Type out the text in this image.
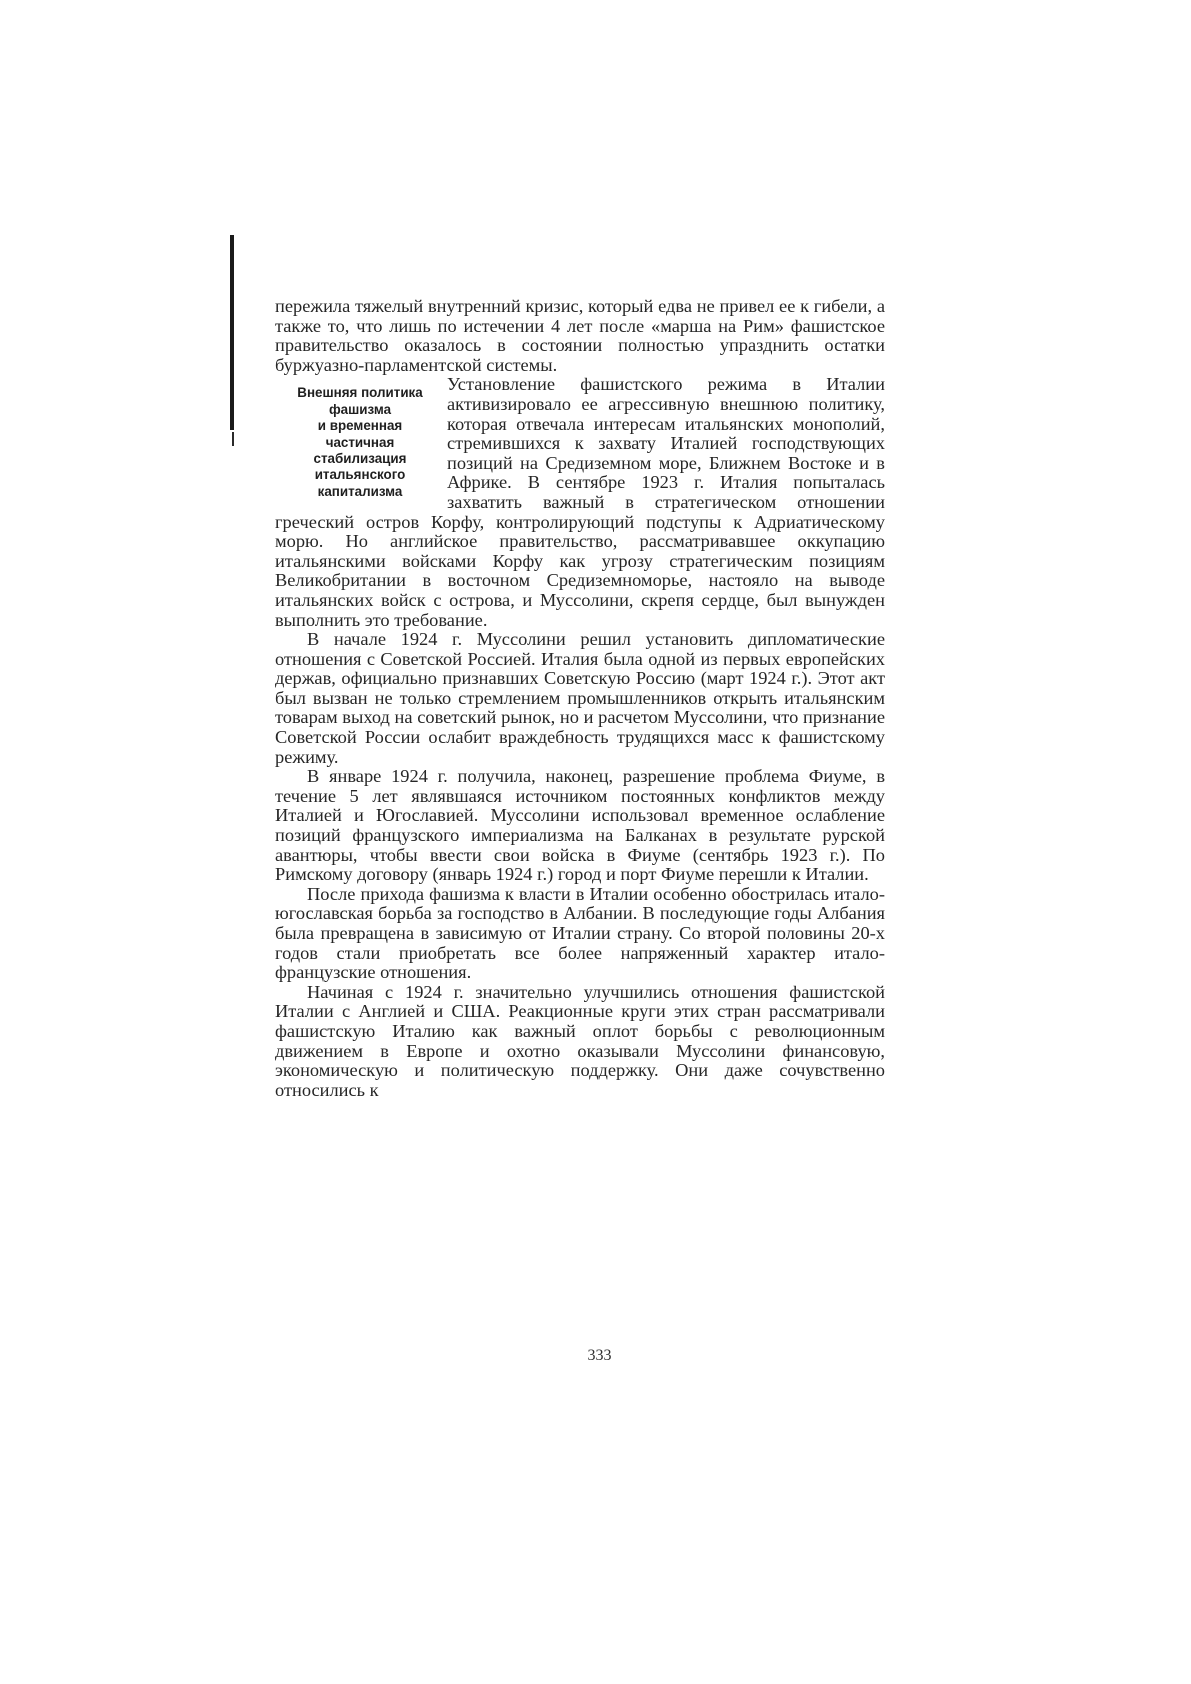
пережила тяжелый внутренний кризис, который едва не привел ее к гибели, а также то, что лишь по истечении 4 лет после «марша на Рим» фашистское правительство оказалось в состоянии полностью упразднить остатки буржуазно-парламентской системы.

Внешняя политика
фашизма
и временная
частичная
стабилизация
итальянского
капитализма

Установление фашистского режима в Италии активизировало ее агрессивную внешнюю политику, которая отвечала интересам итальянских монополий, стремившихся к захвату Италией господствующих позиций на Средиземном море, Ближнем Востоке и в Африке. В сентябре 1923 г. Италия попыталась захватить важный в стратегическом отношении греческий остров Корфу, контролирующий подступы к Адриатическому морю. Но английское правительство, рассматривавшее оккупацию итальянскими войсками Корфу как угрозу стратегическим позициям Великобритании в восточном Средиземноморье, настояло на выводе итальянских войск с острова, и Муссолини, скрепя сердце, был вынужден выполнить это требование.

В начале 1924 г. Муссолини решил установить дипломатические отношения с Советской Россией. Италия была одной из первых европейских держав, официально признавших Советскую Россию (март 1924 г.). Этот акт был вызван не только стремлением промышленников открыть итальянским товарам выход на советский рынок, но и расчетом Муссолини, что признание Советской России ослабит враждебность трудящихся масс к фашистскому режиму.

В январе 1924 г. получила, наконец, разрешение проблема Фиуме, в течение 5 лет являвшаяся источником постоянных конфликтов между Италией и Югославией. Муссолини использовал временное ослабление позиций французского империализма на Балканах в результате рурской авантюры, чтобы ввести свои войска в Фиуме (сентябрь 1923 г.). По Римскому договору (январь 1924 г.) город и порт Фиуме перешли к Италии.

После прихода фашизма к власти в Италии особенно обострилась итало-югославская борьба за господство в Албании. В последующие годы Албания была превращена в зависимую от Италии страну. Со второй половины 20-х годов стали приобретать все более напряженный характер итало-французские отношения.

Начиная с 1924 г. значительно улучшились отношения фашистской Италии с Англией и США. Реакционные круги этих стран рассматривали фашистскую Италию как важный оплот борьбы с революционным движением в Европе и охотно оказывали Муссолини финансовую, экономическую и политическую поддержку. Они даже сочувственно относились к

333
